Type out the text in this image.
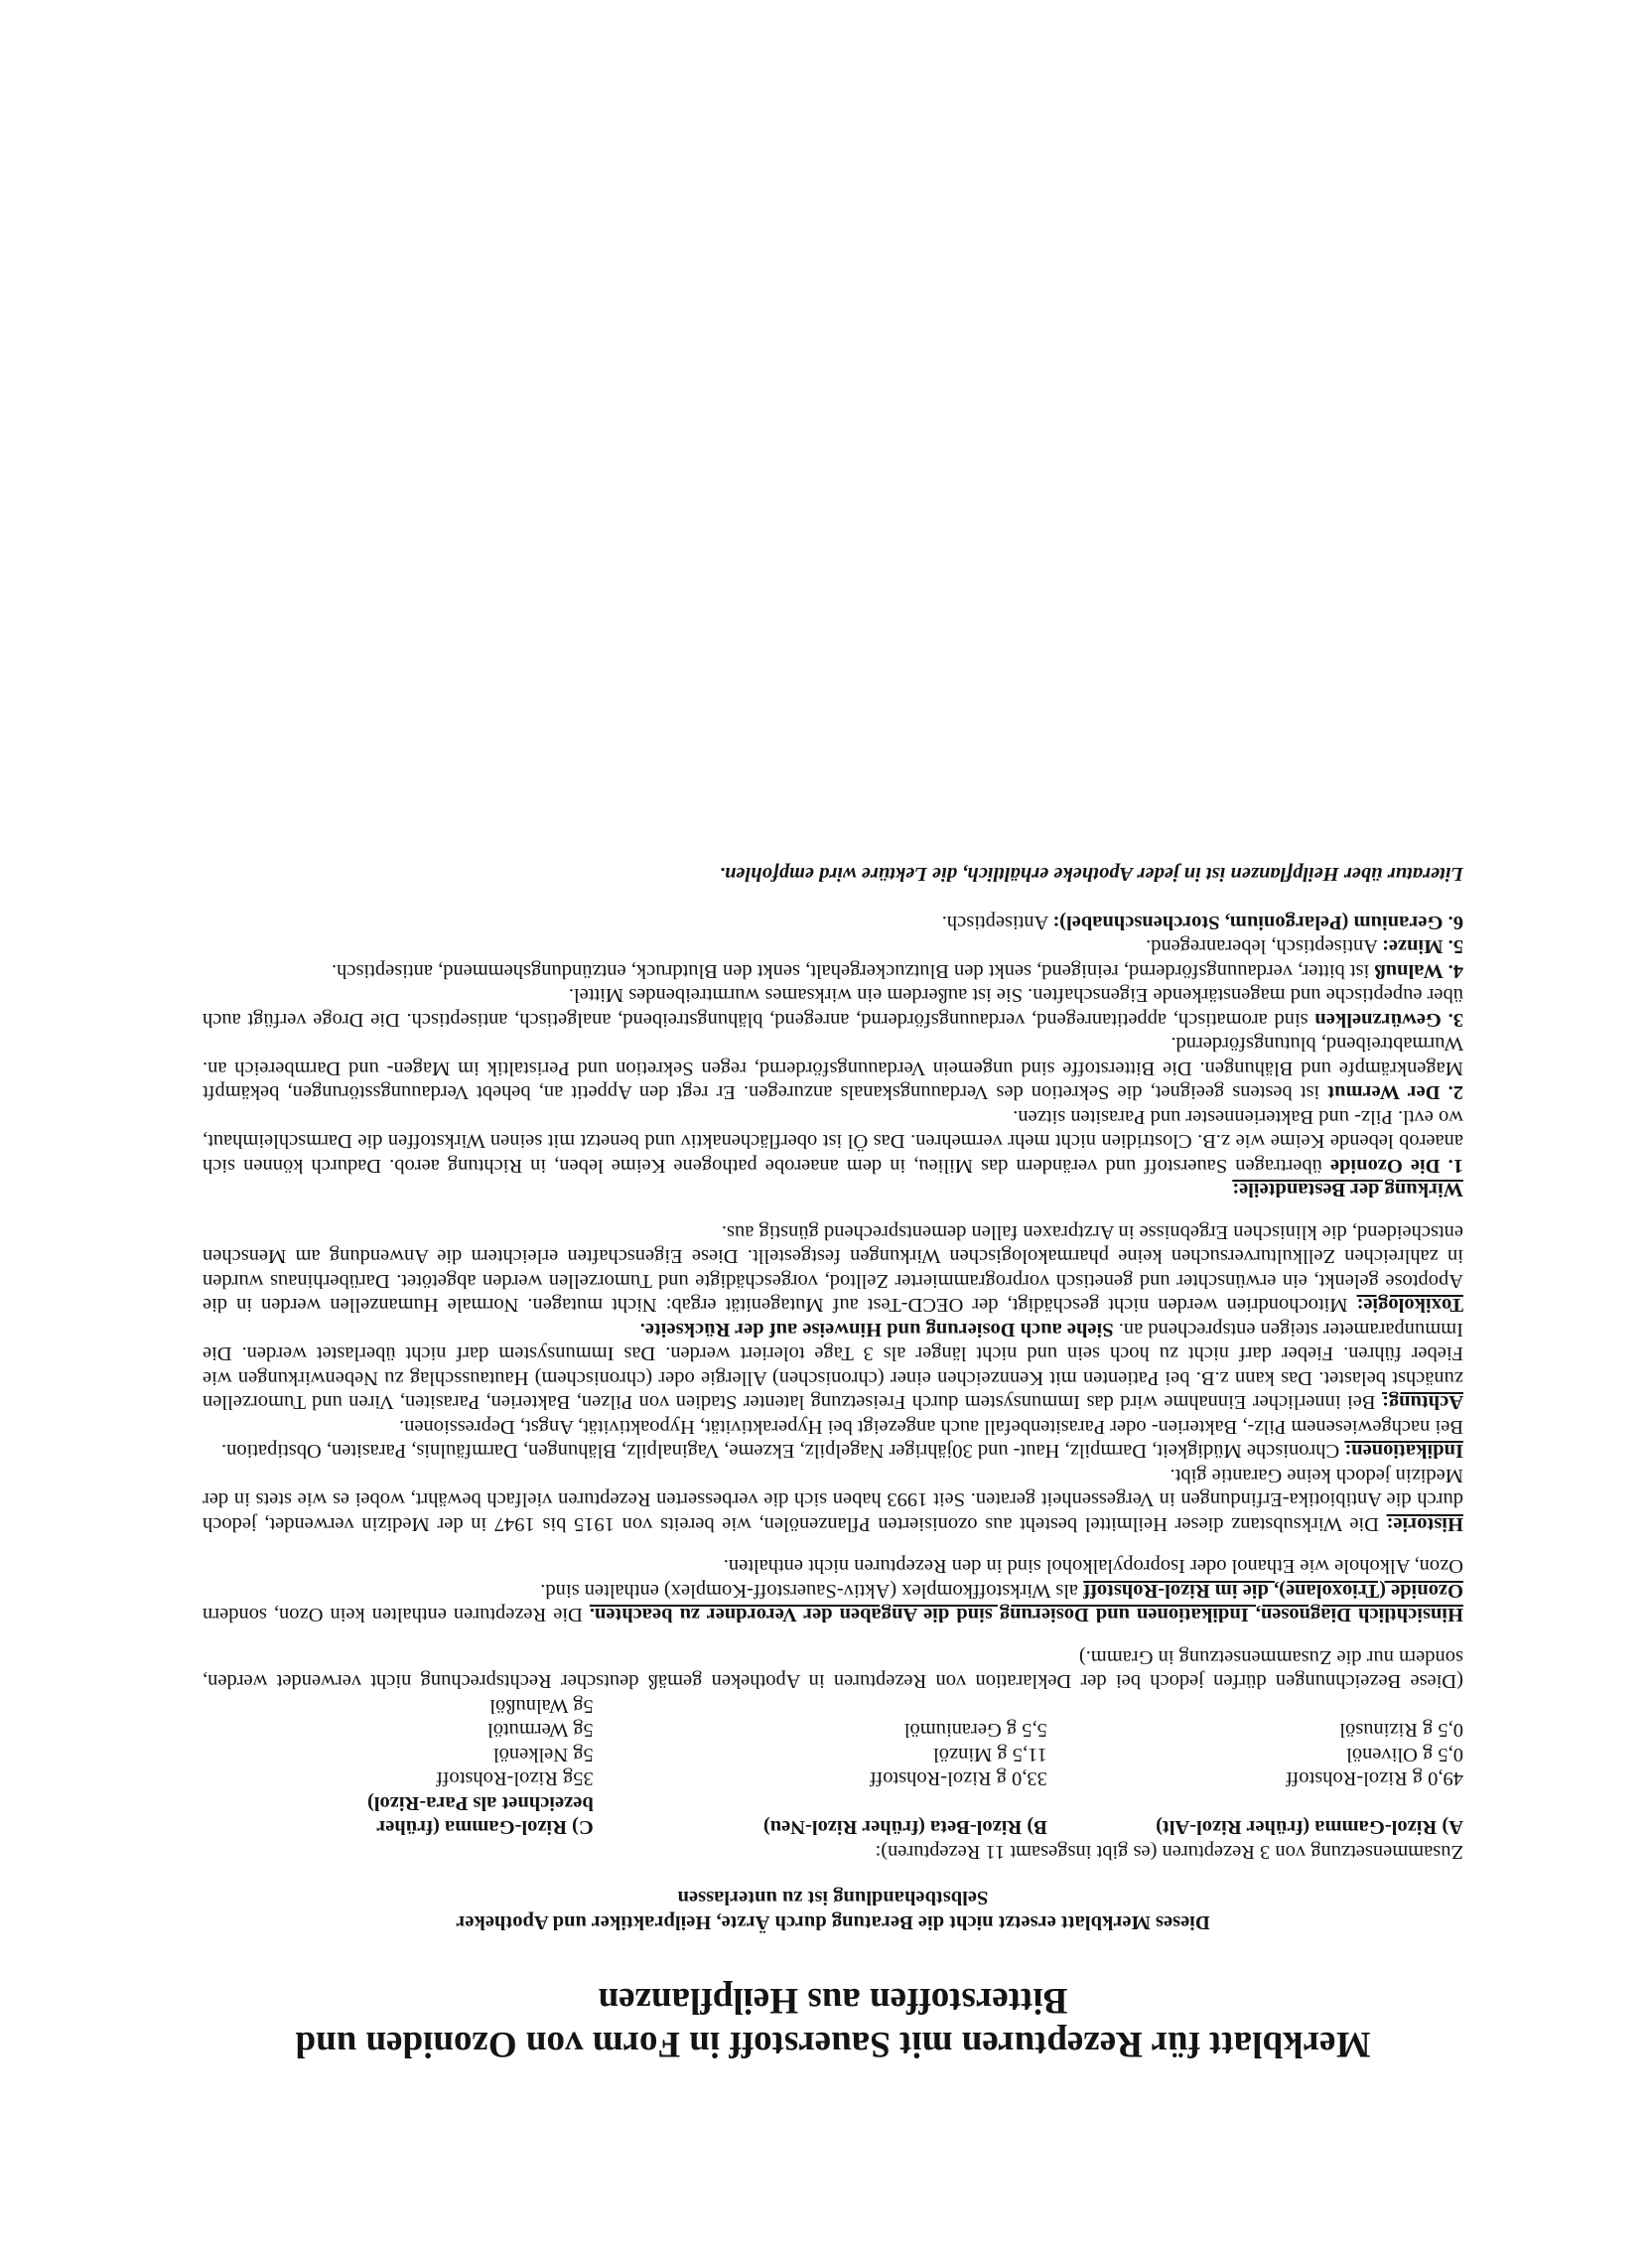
Merkblatt für Rezepturen mit Sauerstoff in Form von Ozoniden und
Bitterstoffen aus Heilpflanzen
Dieses Merkblatt ersetzt nicht die Beratung durch Ärzte, Heilpraktiker und Apotheker
Selbstbehandlung ist zu unterlassen

Zusammensetzung von 3 Rezepturen (es gibt insgesamt 11 Rezepturen):

A) Rizol-Gamma (früher Rizol-Alt)	B) Rizol-Beta (früher Rizol-Neu)	C) Rizol-Gamma (früher
bezeichnet als Para-Rizol)

49,0 g Rizol-Rohstoff	33,0 g Rizol-Rohstoff	35g Rizol-Rohstoff
0,5 g Olivenöl	11,5 g Minzöl	5g Nelkenöl
0,5 g Rizinusöl	5,5 g Geraniumöl	5g Wermutöl
		5g Walnußöl

(Diese Bezeichnungen dürfen jedoch bei der Deklaration von Rezepturen in Apotheken gemäß deutscher Rechtsprechung nicht verwendet werden, sondern nur die Zusammensetzung in Gramm.)

Hinsichtlich Diagnosen, Indikationen und Dosierung sind die Angaben der Verordner zu beachten. Die Rezepturen enthalten kein Ozon, sondern Ozonide (Trioxolane), die im Rizol-Rohstoff als Wirkstoffkomplex (Aktiv-Sauerstoff-Komplex) enthalten sind.

Ozon, Alkohole wie Ethanol oder Isopropylalkohol sind in den Rezepturen nicht enthalten.

Historie: Die Wirksubstanz dieser Heilmittel besteht aus ozonisierten Pflanzenölen, wie bereits von 1915 bis 1947 in der Medizin verwendet, jedoch durch die Antibiotika-Erfindungen in Vergessenheit geraten. Seit 1993 haben sich die verbesserten Rezepturen vielfach bewährt, wobei es wie stets in der Medizin jedoch keine Garantie gibt.

Indikationen: Chronische Müdigkeit, Darmpilz, Haut- und 30jähriger Nagelpilz, Ekzeme, Vaginalpilz, Blähungen, Darmfäulnis, Parasiten, Obstipation.

Bei nachgewiesenem Pilz-, Bakterien- oder Parasitenbefall auch angezeigt bei Hyperaktivität, Hypoaktivität, Angst, Depressionen.

Achtung: Bei innerlicher Einnahme wird das Immunsystem durch Freisetzung latenter Stadien von Pilzen, Bakterien, Parasiten, Viren und Tumorzellen zunächst belastet. Das kann z.B. bei Patienten mit Kennzeichen einer (chronischen) Allergie oder (chronischem) Hautausschlag zu Nebenwirkungen wie Fieber führen. Fieber darf nicht zu hoch sein und nicht länger als 3 Tage toleriert werden. Das Immunsystem darf nicht überlastet werden. Die Immunparameter steigen entsprechend an. Siehe auch Dosierung und Hinweise auf der Rückseite.

Toxikologie: Mitochondrien werden nicht geschädigt, der OECD-Test auf Mutagenität ergab: Nicht mutagen. Normale Humanzellen werden in die Apoptose gelenkt, ein erwünschter und genetisch vorprogrammierter Zelltod, vorgeschädigte und Tumorzellen werden abgetötet. Darüberhinaus wurden in zahlreichen Zellkulturversuchen keine pharmakologischen Wirkungen festgestellt. Diese Eigenschaften erleichtern die Anwendung am Menschen entscheidend, die klinischen Ergebnisse in Arztpraxen fallen dementsprechend günstig aus.

Wirkung der Bestandteile:

1. Die Ozonide übertragen Sauerstoff und verändern das Milieu, in dem anaerobe pathogene Keime leben, in Richtung aerob. Dadurch können sich anaerob lebende Keime wie z.B. Clostridien nicht mehr vermehren. Das Öl ist oberflächenaktiv und benetzt mit seinen Wirkstoffen die Darmschleimhaut, wo evtl. Pilz- und Bakteriennester und Parasiten sitzen.

2. Der Wermut ist bestens geeignet, die Sekretion des Verdauungskanals anzuregen. Er regt den Appetit an, behebt Verdauungsstörungen, bekämpft Magenkrämpfe und Blähungen. Die Bitterstoffe sind ungemein Verdauungsfördernd, regen Sekretion und Peristaltik im Magen- und Darmbereich an. Wurmabtreibend, blutungsfördernd.

3. Gewürznelken sind aromatisch, appetitanregend, verdauungsfördernd, anregend, blähungstreibend, analgetisch, antiseptisch. Die Droge verfügt auch über eupeptische und magenstärkende Eigenschaften. Sie ist außerdem ein wirksames wurmtreibendes Mittel.

4. Walnuß ist bitter, verdauungsfördernd, reinigend, senkt den Blutzuckergehalt, senkt den Blutdruck, entzündungshemmend, antiseptisch.

5. Minze: Antiseptisch, leberanregend.

6. Geranium (Pelargonium, Storchenschnabel): Antiseptisch.

Literatur über Heilpflanzen ist in jeder Apotheke erhältlich, die Lektüre wird empfohlen.
